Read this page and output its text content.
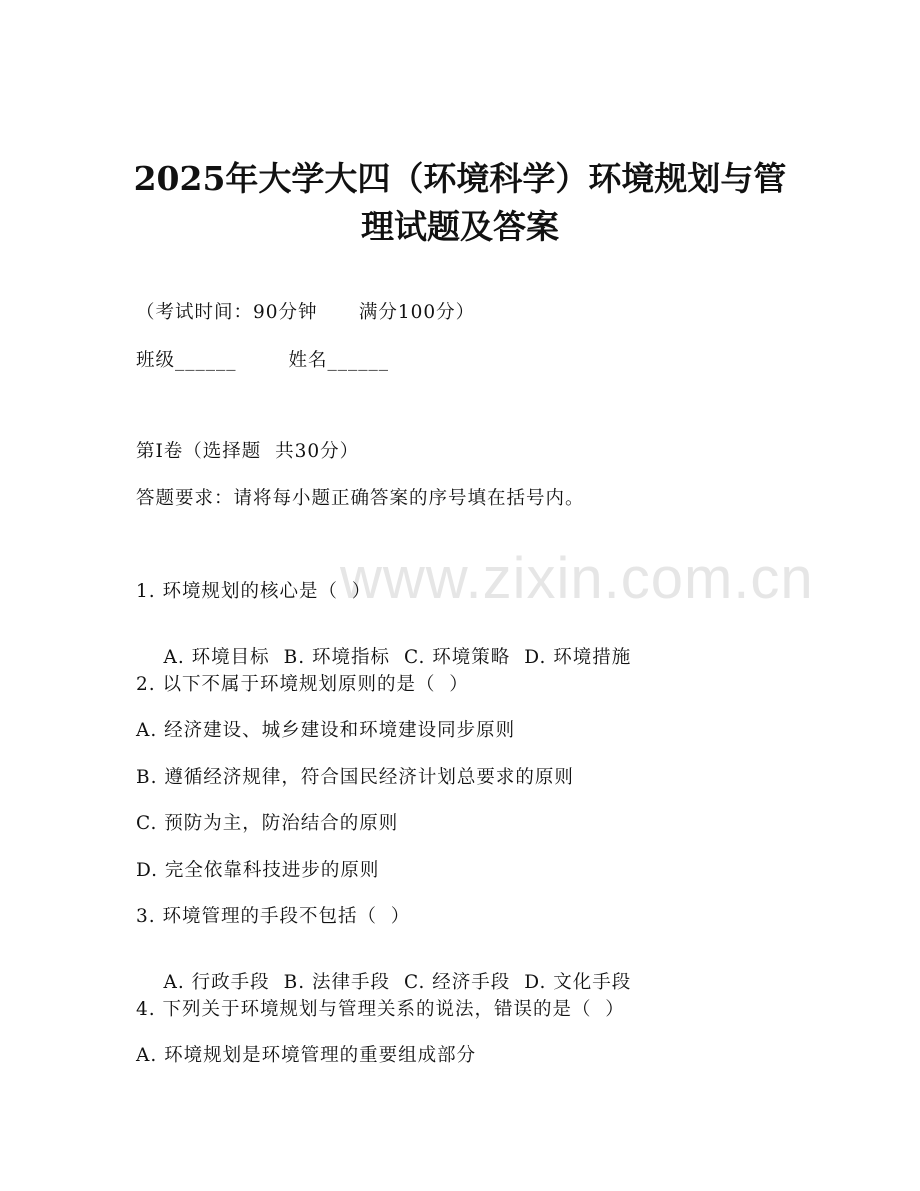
www.zixin.com.cn
2025年大学大四（环境科学）环境规划与管
理试题及答案
（考试时间：90分钟      满分100分）
班级______	姓名______
第I卷（选择题  共30分）
答题要求：请将每小题正确答案的序号填在括号内。
1. 环境规划的核心是（  ）

A. 环境目标 B. 环境指标 C. 环境策略 D. 环境措施

2. 以下不属于环境规划原则的是（  ）
A. 经济建设、城乡建设和环境建设同步原则
B. 遵循经济规律，符合国民经济计划总要求的原则
C. 预防为主，防治结合的原则
D. 完全依靠科技进步的原则
3. 环境管理的手段不包括（  ）

A. 行政手段 B. 法律手段 C. 经济手段 D. 文化手段

4. 下列关于环境规划与管理关系的说法，错误的是（  ）
A. 环境规划是环境管理的重要组成部分
